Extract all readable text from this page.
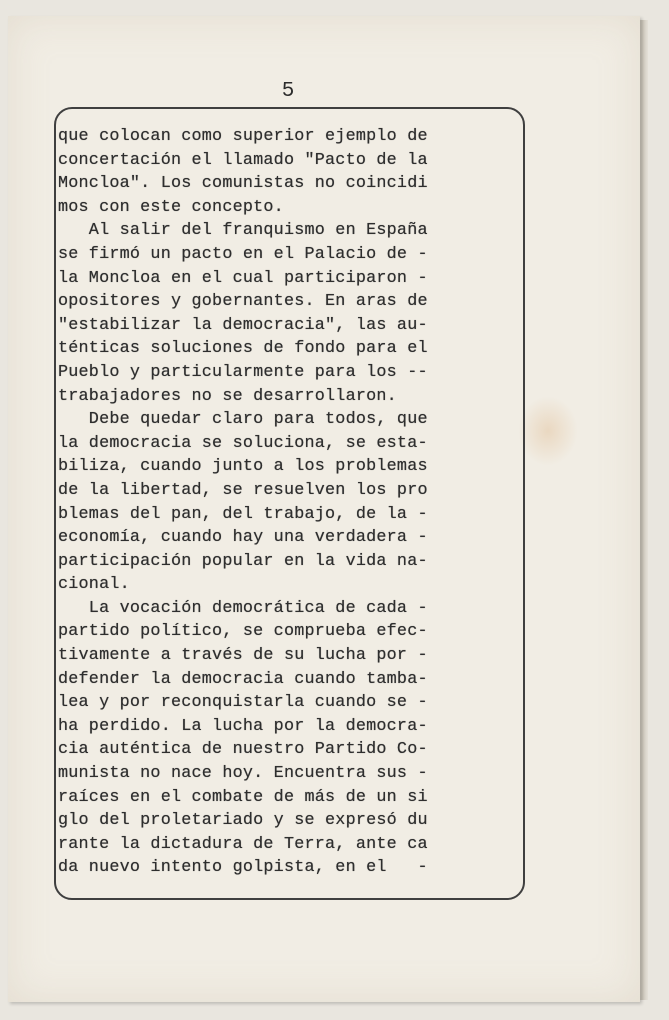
5
que colocan como superior ejemplo de
concertación el llamado "Pacto de la
Moncloa". Los comunistas no coincidi
mos con este concepto.
Al salir del franquismo en España
se firmó un pacto en el Palacio de -
la Moncloa en el cual participaron -
opositores y gobernantes. En aras de
"estabilizar la democracia", las au-
ténticas soluciones de fondo para el
Pueblo y particularmente para los --
trabajadores no se desarrollaron.
Debe quedar claro para todos, que
la democracia se soluciona, se esta-
biliza, cuando junto a los problemas
de la libertad, se resuelven los pro
blemas del pan, del trabajo, de la -
economía, cuando hay una verdadera -
participación popular en la vida na-
cional.
La vocación democrática de cada -
partido político, se comprueba efec-
tivamente a través de su lucha por -
defender la democracia cuando tamba-
lea y por reconquistarla cuando se -
ha perdido. La lucha por la democra-
cia auténtica de nuestro Partido Co-
munista no nace hoy. Encuentra sus -
raíces en el combate de más de un si
glo del proletariado y se expresó du
rante la dictadura de Terra, ante ca
da nuevo intento golpista, en el   -
